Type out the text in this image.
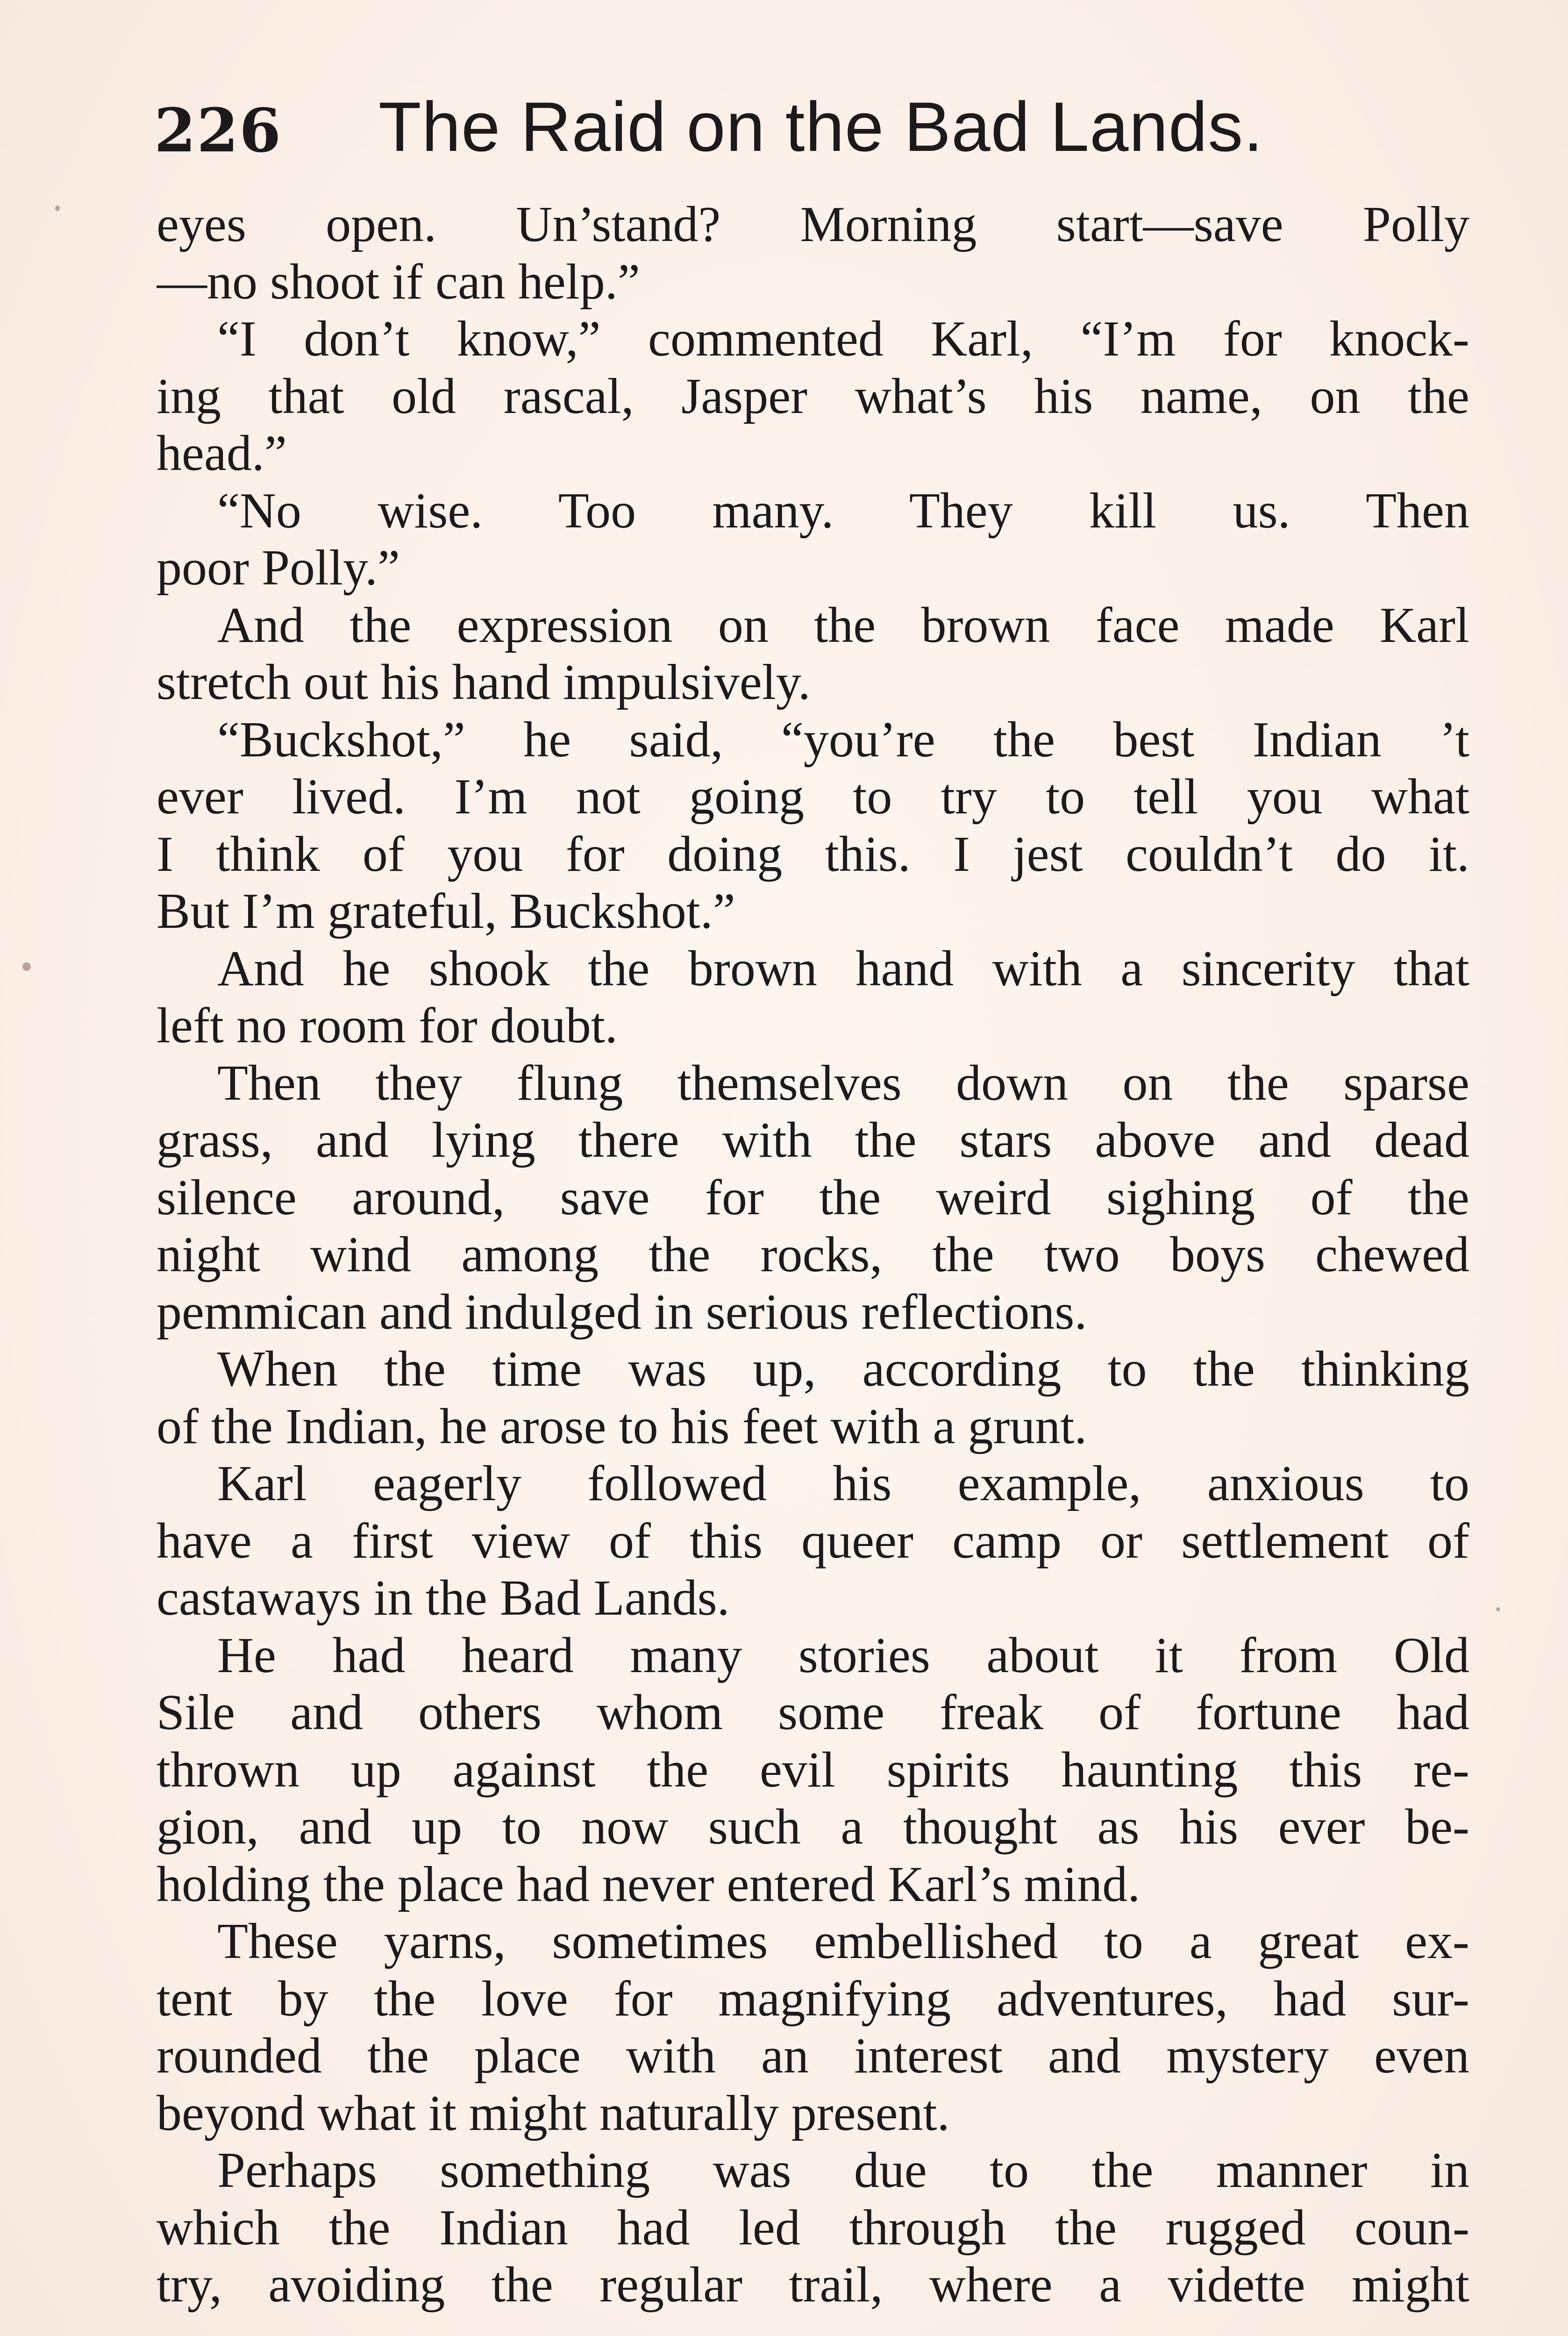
226 The Raid on the Bad Lands.
eyes open. Un’stand? Morning start—save Polly
—no shoot if can help.”
“I don’t know,” commented Karl, “I’m for knock-
ing that old rascal, Jasper what’s his name, on the
head.”
“No wise. Too many. They kill us. Then
poor Polly.”
And the expression on the brown face made Karl
stretch out his hand impulsively.
“Buckshot,” he said, “you’re the best Indian ’t
ever lived. I’m not going to try to tell you what
I think of you for doing this. I jest couldn’t do it.
But I’m grateful, Buckshot.”
And he shook the brown hand with a sincerity that
left no room for doubt.
Then they flung themselves down on the sparse
grass, and lying there with the stars above and dead
silence around, save for the weird sighing of the
night wind among the rocks, the two boys chewed
pemmican and indulged in serious reflections.
When the time was up, according to the thinking
of the Indian, he arose to his feet with a grunt.
Karl eagerly followed his example, anxious to
have a first view of this queer camp or settlement of
castaways in the Bad Lands.
He had heard many stories about it from Old
Sile and others whom some freak of fortune had
thrown up against the evil spirits haunting this re-
gion, and up to now such a thought as his ever be-
holding the place had never entered Karl’s mind.
These yarns, sometimes embellished to a great ex-
tent by the love for magnifying adventures, had sur-
rounded the place with an interest and mystery even
beyond what it might naturally present.
Perhaps something was due to the manner in
which the Indian had led through the rugged coun-
try, avoiding the regular trail, where a vidette might
